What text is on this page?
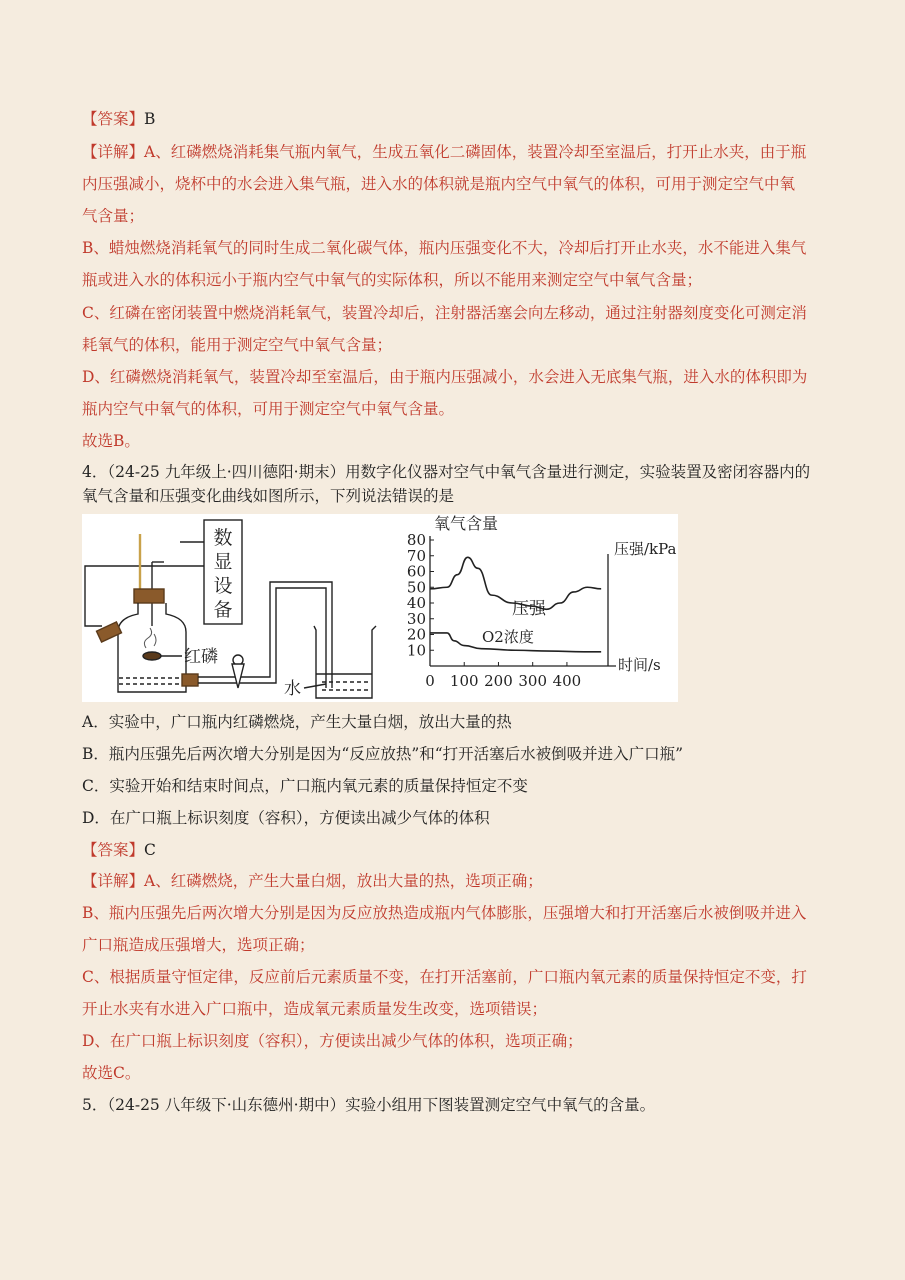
【答案】B
【详解】A、红磷燃烧消耗集气瓶内氧气，生成五氧化二磷固体，装置冷却至室温后，打开止水夹，由于瓶
内压强减小，烧杯中的水会进入集气瓶，进入水的体积就是瓶内空气中氧气的体积，可用于测定空气中氧
气含量；
B、蜡烛燃烧消耗氧气的同时生成二氧化碳气体，瓶内压强变化不大，冷却后打开止水夹，水不能进入集气
瓶或进入水的体积远小于瓶内空气中氧气的实际体积，所以不能用来测定空气中氧气含量；
C、红磷在密闭装置中燃烧消耗氧气，装置冷却后，注射器活塞会向左移动，通过注射器刻度变化可测定消
耗氧气的体积，能用于测定空气中氧气含量；
D、红磷燃烧消耗氧气，装置冷却至室温后，由于瓶内压强减小，水会进入无底集气瓶，进入水的体积即为
瓶内空气中氧气的体积，可用于测定空气中氧气含量。
故选B。
4．（24-25 九年级上·四川德阳·期末）用数字化仪器对空气中氧气含量进行测定，实验装置及密闭容器内的
氧气含量和压强变化曲线如图所示，下列说法错误的是
数
显
设
备
红磷
水
氧气含量
压强/kPa
时间/s
压强
O2浓度
80
70
60
50
40
30
20
10
0 100 200 300 400
A．实验中，广口瓶内红磷燃烧，产生大量白烟，放出大量的热
B．瓶内压强先后两次增大分别是因为“反应放热”和“打开活塞后水被倒吸并进入广口瓶”
C．实验开始和结束时间点，广口瓶内氧元素的质量保持恒定不变
D．在广口瓶上标识刻度（容积），方便读出减少气体的体积
【答案】C
【详解】A、红磷燃烧，产生大量白烟，放出大量的热，选项正确；
B、瓶内压强先后两次增大分别是因为反应放热造成瓶内气体膨胀，压强增大和打开活塞后水被倒吸并进入
广口瓶造成压强增大，选项正确；
C、根据质量守恒定律，反应前后元素质量不变，在打开活塞前，广口瓶内氧元素的质量保持恒定不变，打
开止水夹有水进入广口瓶中，造成氧元素质量发生改变，选项错误；
D、在广口瓶上标识刻度（容积），方便读出减少气体的体积，选项正确；
故选C。
5．（24-25 八年级下·山东德州·期中）实验小组用下图装置测定空气中氧气的含量。
